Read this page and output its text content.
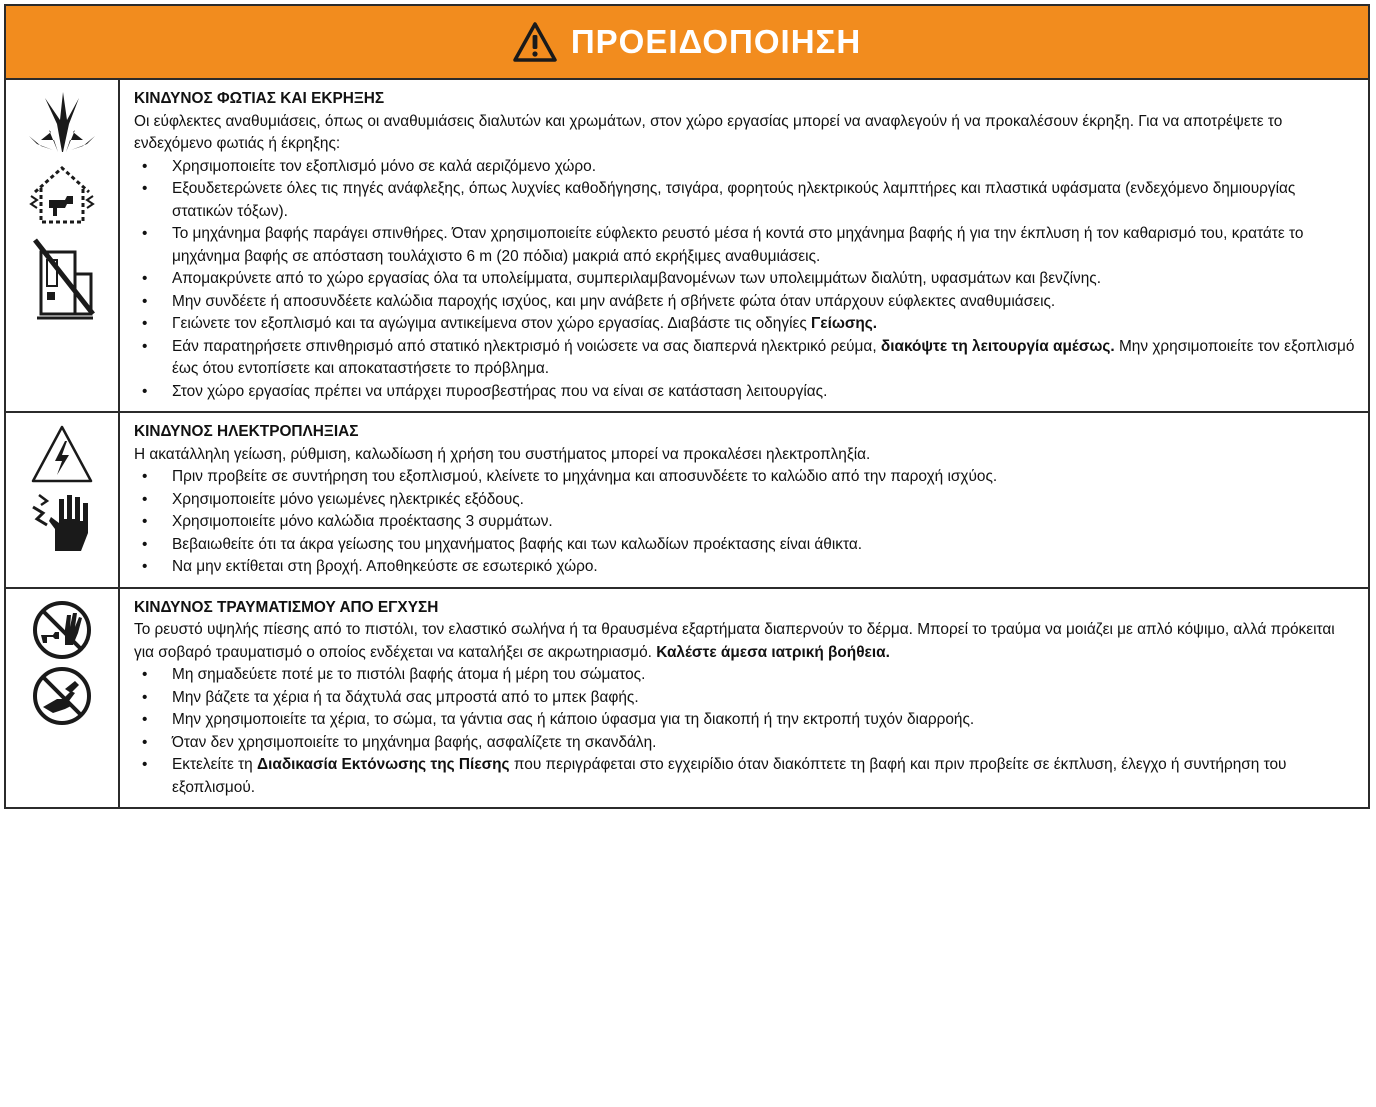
ΠΡΟΕΙΔΟΠΟΙΗΣΗ
ΚΙΝΔΥΝΟΣ ΦΩΤΙΑΣ ΚΑΙ ΕΚΡΗΞΗΣ

Οι εύφλεκτες αναθυμιάσεις, όπως οι αναθυμιάσεις διαλυτών και χρωμάτων, στον χώρο εργασίας μπορεί να αναφλεγούν ή να προκαλέσουν έκρηξη. Για να αποτρέψετε το ενδεχόμενο φωτιάς ή έκρηξης:

• Χρησιμοποιείτε τον εξοπλισμό μόνο σε καλά αεριζόμενο χώρο.
• Εξουδετερώνετε όλες τις πηγές ανάφλεξης, όπως λυχνίες καθοδήγησης, τσιγάρα, φορητούς ηλεκτρικούς λαμπτήρες και πλαστικά υφάσματα (ενδεχόμενο δημιουργίας στατικών τόξων).
• Το μηχάνημα βαφής παράγει σπινθήρες. Όταν χρησιμοποιείτε εύφλεκτο ρευστό μέσα ή κοντά στο μηχάνημα βαφής ή για την έκπλυση ή τον καθαρισμό του, κρατάτε το μηχάνημα βαφής σε απόσταση τουλάχιστο 6 m (20 πόδια) μακριά από εκρήξιμες αναθυμιάσεις.
• Απομακρύνετε από το χώρο εργασίας όλα τα υπολείμματα, συμπεριλαμβανομένων των υπολειμμάτων διαλύτη, υφασμάτων και βενζίνης.
• Μην συνδέετε ή αποσυνδέετε καλώδια παροχής ισχύος, και μην ανάβετε ή σβήνετε φώτα όταν υπάρχουν εύφλεκτες αναθυμιάσεις.
• Γειώνετε τον εξοπλισμό και τα αγώγιμα αντικείμενα στον χώρο εργασίας. Διαβάστε τις οδηγίες Γείωσης.
• Εάν παρατηρήσετε σπινθηρισμό από στατικό ηλεκτρισμό ή νοιώσετε να σας διαπερνά ηλεκτρικό ρεύμα, διακόψτε τη λειτουργία αμέσως. Μην χρησιμοποιείτε τον εξοπλισμό έως ότου εντοπίσετε και αποκαταστήσετε το πρόβλημα.
• Στον χώρο εργασίας πρέπει να υπάρχει πυροσβεστήρας που να είναι σε κατάσταση λειτουργίας.
ΚΙΝΔΥΝΟΣ ΗΛΕΚΤΡΟΠΛΗΞΙΑΣ

Η ακατάλληλη γείωση, ρύθμιση, καλωδίωση ή χρήση του συστήματος μπορεί να προκαλέσει ηλεκτροπληξία.

• Πριν προβείτε σε συντήρηση του εξοπλισμού, κλείνετε το μηχάνημα και αποσυνδέετε το καλώδιο από την παροχή ισχύος.
• Χρησιμοποιείτε μόνο γειωμένες ηλεκτρικές εξόδους.
• Χρησιμοποιείτε μόνο καλώδια προέκτασης 3 συρμάτων.
• Βεβαιωθείτε ότι τα άκρα γείωσης του μηχανήματος βαφής και των καλωδίων προέκτασης είναι άθικτα.
• Να μην εκτίθεται στη βροχή. Αποθηκεύστε σε εσωτερικό χώρο.
ΚΙΝΔΥΝΟΣ ΤΡΑΥΜΑΤΙΣΜΟΥ ΑΠΟ ΕΓΧΥΣΗ

Το ρευστό υψηλής πίεσης από το πιστόλι, τον ελαστικό σωλήνα ή τα θραυσμένα εξαρτήματα διαπερνούν το δέρμα. Μπορεί το τραύμα να μοιάζει με απλό κόψιμο, αλλά πρόκειται για σοβαρό τραυματισμό ο οποίος ενδέχεται να καταλήξει σε ακρωτηριασμό. Καλέστε άμεσα ιατρική βοήθεια.

• Μη σημαδεύετε ποτέ με το πιστόλι βαφής άτομα ή μέρη του σώματος.
• Μην βάζετε τα χέρια ή τα δάχτυλά σας μπροστά από το μπεκ βαφής.
• Μην χρησιμοποιείτε τα χέρια, το σώμα, τα γάντια σας ή κάποιο ύφασμα για τη διακοπή ή την εκτροπή τυχόν διαρροής.
• Όταν δεν χρησιμοποιείτε το μηχάνημα βαφής, ασφαλίζετε τη σκανδάλη.
• Εκτελείτε τη Διαδικασία Εκτόνωσης της Πίεσης που περιγράφεται στο εγχειρίδιο όταν διακόπτετε τη βαφή και πριν προβείτε σε έκπλυση, έλεγχο ή συντήρηση του εξοπλισμού.
